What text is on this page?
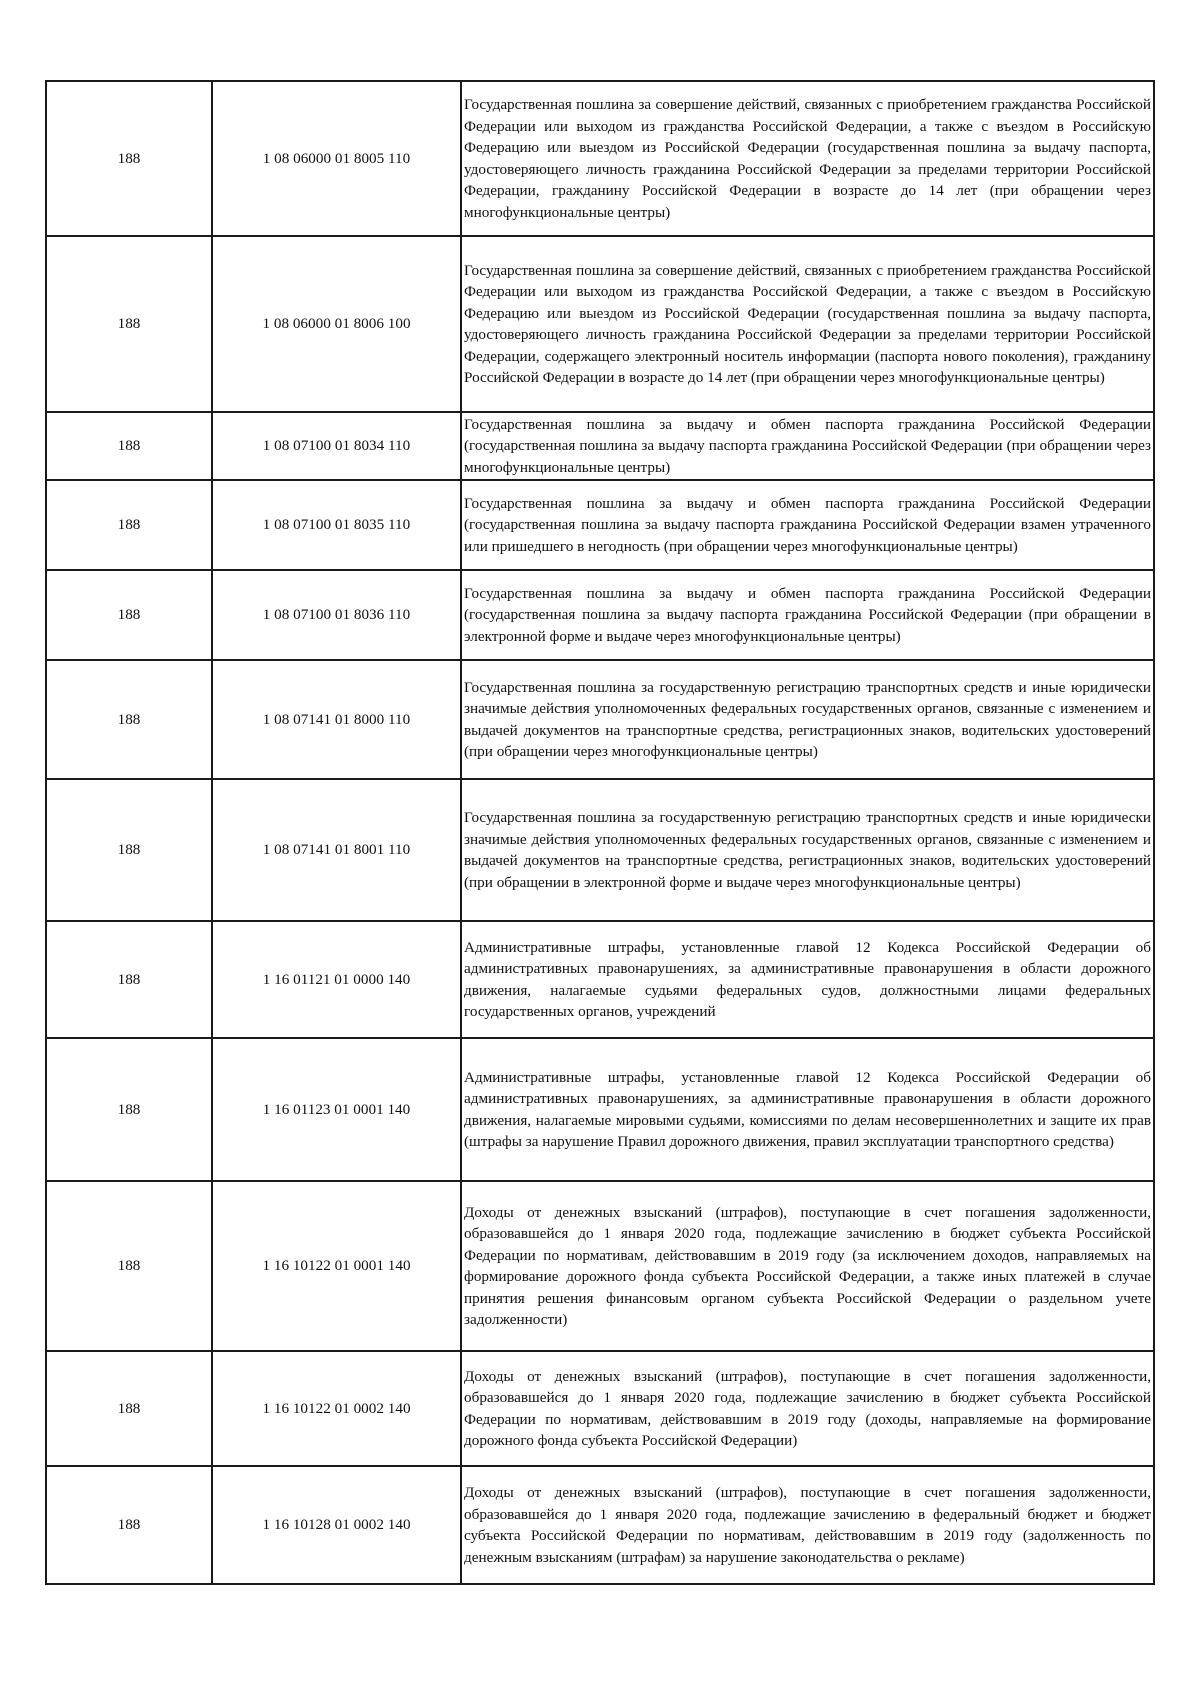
188	1 08 06000 01 8005 110	Государственная пошлина за совершение действий, связанных с приобретением гражданства Российской Федерации или выходом из гражданства Российской Федерации, а также с въездом в Российскую Федерацию или выездом из Российской Федерации (государственная пошлина за выдачу паспорта, удостоверяющего личность гражданина Российской Федерации за пределами территории Российской Федерации, гражданину Российской Федерации в возрасте до 14 лет (при обращении через многофункциональные центры)
188	1 08 06000 01 8006 100	Государственная пошлина за совершение действий, связанных с приобретением гражданства Российской Федерации или выходом из гражданства Российской Федерации, а также с въездом в Российскую Федерацию или выездом из Российской Федерации (государственная пошлина за выдачу паспорта, удостоверяющего личность гражданина Российской Федерации за пределами территории Российской Федерации, содержащего электронный носитель информации (паспорта нового поколения), гражданину Российской Федерации в возрасте до 14 лет (при обращении через многофункциональные центры)
188	1 08 07100 01 8034 110	Государственная пошлина за выдачу и обмен паспорта гражданина Российской Федерации (государственная пошлина за выдачу паспорта гражданина Российской Федерации (при обращении через многофункциональные центры)
188	1 08 07100 01 8035 110	Государственная пошлина за выдачу и обмен паспорта гражданина Российской Федерации (государственная пошлина за выдачу паспорта гражданина Российской Федерации взамен утраченного или пришедшего в негодность (при обращении через многофункциональные центры)
188	1 08 07100 01 8036 110	Государственная пошлина за выдачу и обмен паспорта гражданина Российской Федерации (государственная пошлина за выдачу паспорта гражданина Российской Федерации (при обращении в электронной форме и выдаче через многофункциональные центры)
188	1 08 07141 01 8000 110	Государственная пошлина за государственную регистрацию транспортных средств и иные юридически значимые действия уполномоченных федеральных государственных органов, связанные с изменением и выдачей документов на транспортные средства, регистрационных знаков, водительских удостоверений (при обращении через многофункциональные центры)
188	1 08 07141 01 8001 110	Государственная пошлина за государственную регистрацию транспортных средств и иные юридически значимые действия уполномоченных федеральных государственных органов, связанные с изменением и выдачей документов на транспортные средства, регистрационных знаков, водительских удостоверений (при обращении в электронной форме и выдаче через многофункциональные центры)
188	1 16 01121 01 0000 140	Административные штрафы, установленные главой 12 Кодекса Российской Федерации об административных правонарушениях, за административные правонарушения в области дорожного движения, налагаемые судьями федеральных судов, должностными лицами федеральных государственных органов, учреждений
188	1 16 01123 01 0001 140	Административные штрафы, установленные главой 12 Кодекса Российской Федерации об административных правонарушениях, за административные правонарушения в области дорожного движения, налагаемые мировыми судьями, комиссиями по делам несовершеннолетних и защите их прав (штрафы за нарушение Правил дорожного движения, правил эксплуатации транспортного средства)
188	1 16 10122 01 0001 140	Доходы от денежных взысканий (штрафов), поступающие в счет погашения задолженности, образовавшейся до 1 января 2020 года, подлежащие зачислению в бюджет субъекта Российской Федерации по нормативам, действовавшим в 2019 году (за исключением доходов, направляемых на формирование дорожного фонда субъекта Российской Федерации, а также иных платежей в случае принятия решения финансовым органом субъекта Российской Федерации о раздельном учете задолженности)
188	1 16 10122 01 0002 140	Доходы от денежных взысканий (штрафов), поступающие в счет погашения задолженности, образовавшейся до 1 января 2020 года, подлежащие зачислению в бюджет субъекта Российской Федерации по нормативам, действовавшим в 2019 году (доходы, направляемые на формирование дорожного фонда субъекта Российской Федерации)
188	1 16 10128 01 0002 140	Доходы от денежных взысканий (штрафов), поступающие в счет погашения задолженности, образовавшейся до 1 января 2020 года, подлежащие зачислению в федеральный бюджет и бюджет субъекта Российской Федерации по нормативам, действовавшим в 2019 году (задолженность по денежным взысканиям (штрафам) за нарушение законодательства о рекламе)
